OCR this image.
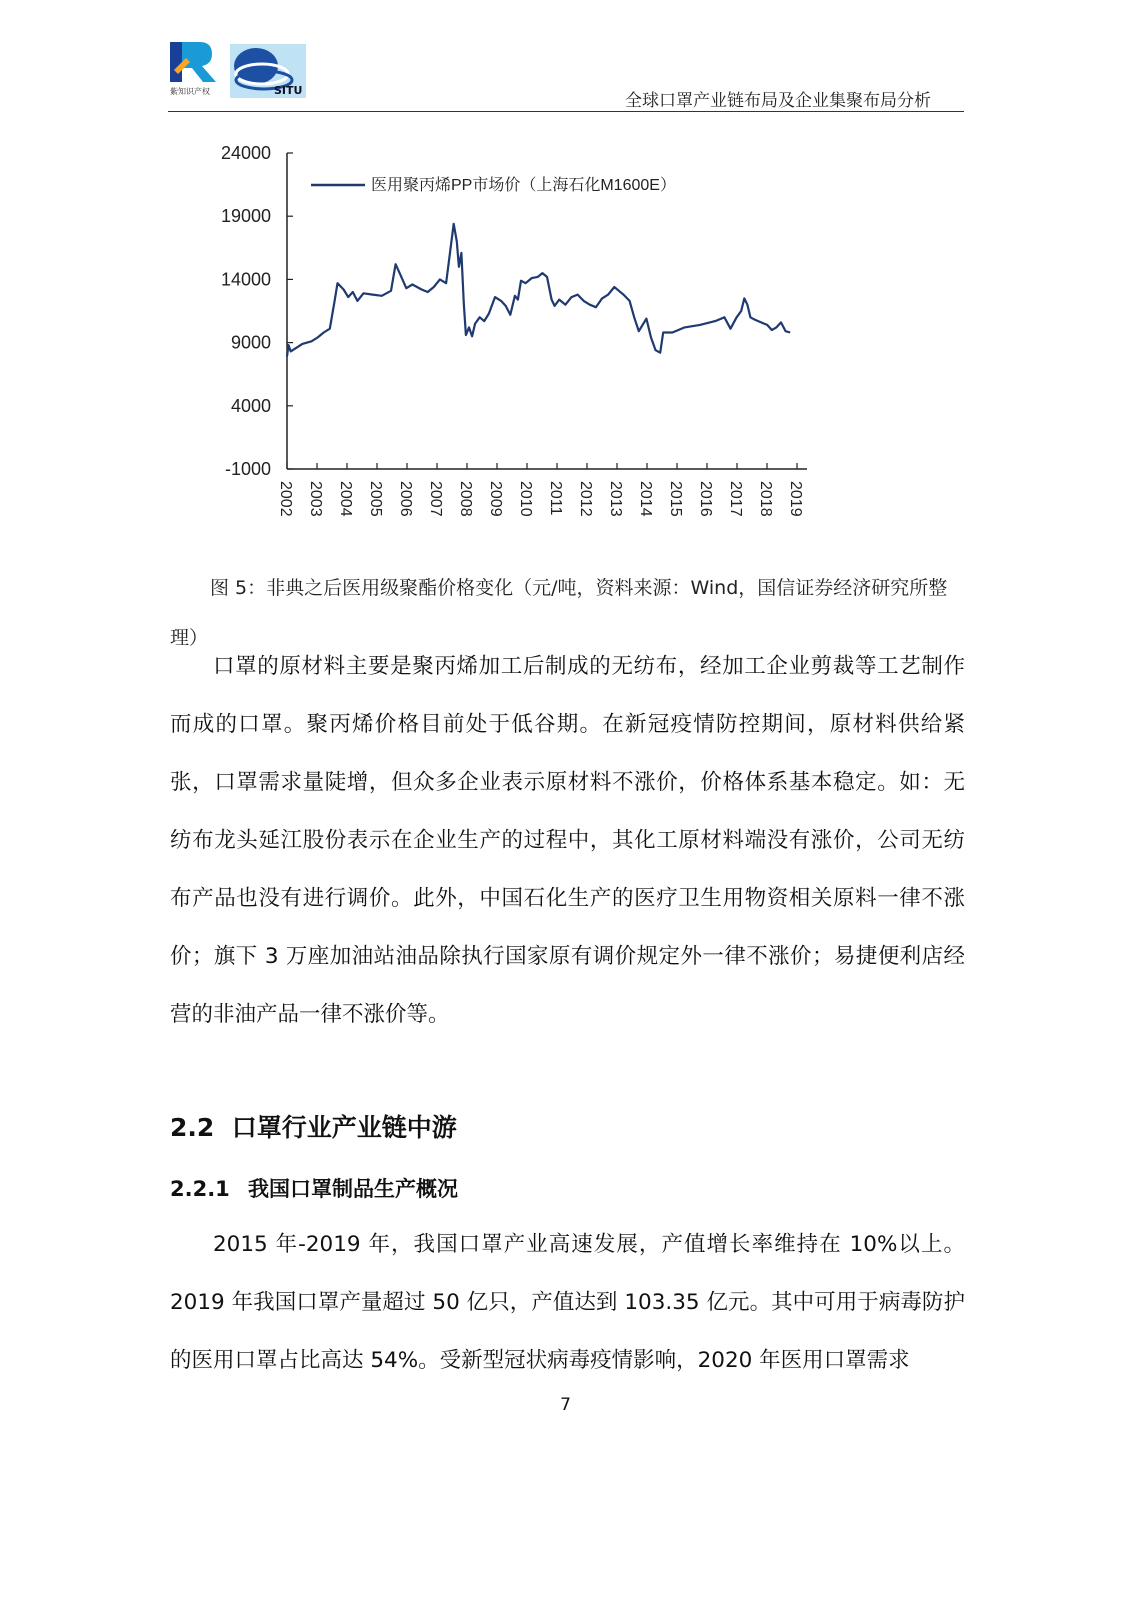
紫知识产权	SITU
全球口罩产业链布局及企业集聚布局分析
24000
19000
14000
9000
4000
-1000
2002 2003 2004 2005 2006 2007 2008 2009 2010 2011 2012 2013 2014 2015 2016 2017 2018 2019
医用聚丙烯PP市场价（上海石化M1600E）

图 5：非典之后医用级聚酯价格变化（元/吨，资料来源：Wind，国信证券经济研究所整理）

口罩的原材料主要是聚丙烯加工后制成的无纺布，经加工企业剪裁等工艺制作而成的口罩。聚丙烯价格目前处于低谷期。在新冠疫情防控期间，原材料供给紧张，口罩需求量陡增，但众多企业表示原材料不涨价，价格体系基本稳定。如：无纺布龙头延江股份表示在企业生产的过程中，其化工原材料端没有涨价，公司无纺布产品也没有进行调价。此外，中国石化生产的医疗卫生用物资相关原料一律不涨价；旗下 3 万座加油站油品除执行国家原有调价规定外一律不涨价；易捷便利店经营的非油产品一律不涨价等。

2.2 口罩行业产业链中游
2.2.1 我国口罩制品生产概况

2015 年-2019 年，我国口罩产业高速发展，产值增长率维持在 10%以上。2019 年我国口罩产量超过 50 亿只，产值达到 103.35 亿元。其中可用于病毒防护的医用口罩占比高达 54%。受新型冠状病毒疫情影响，2020 年医用口罩需求

7
